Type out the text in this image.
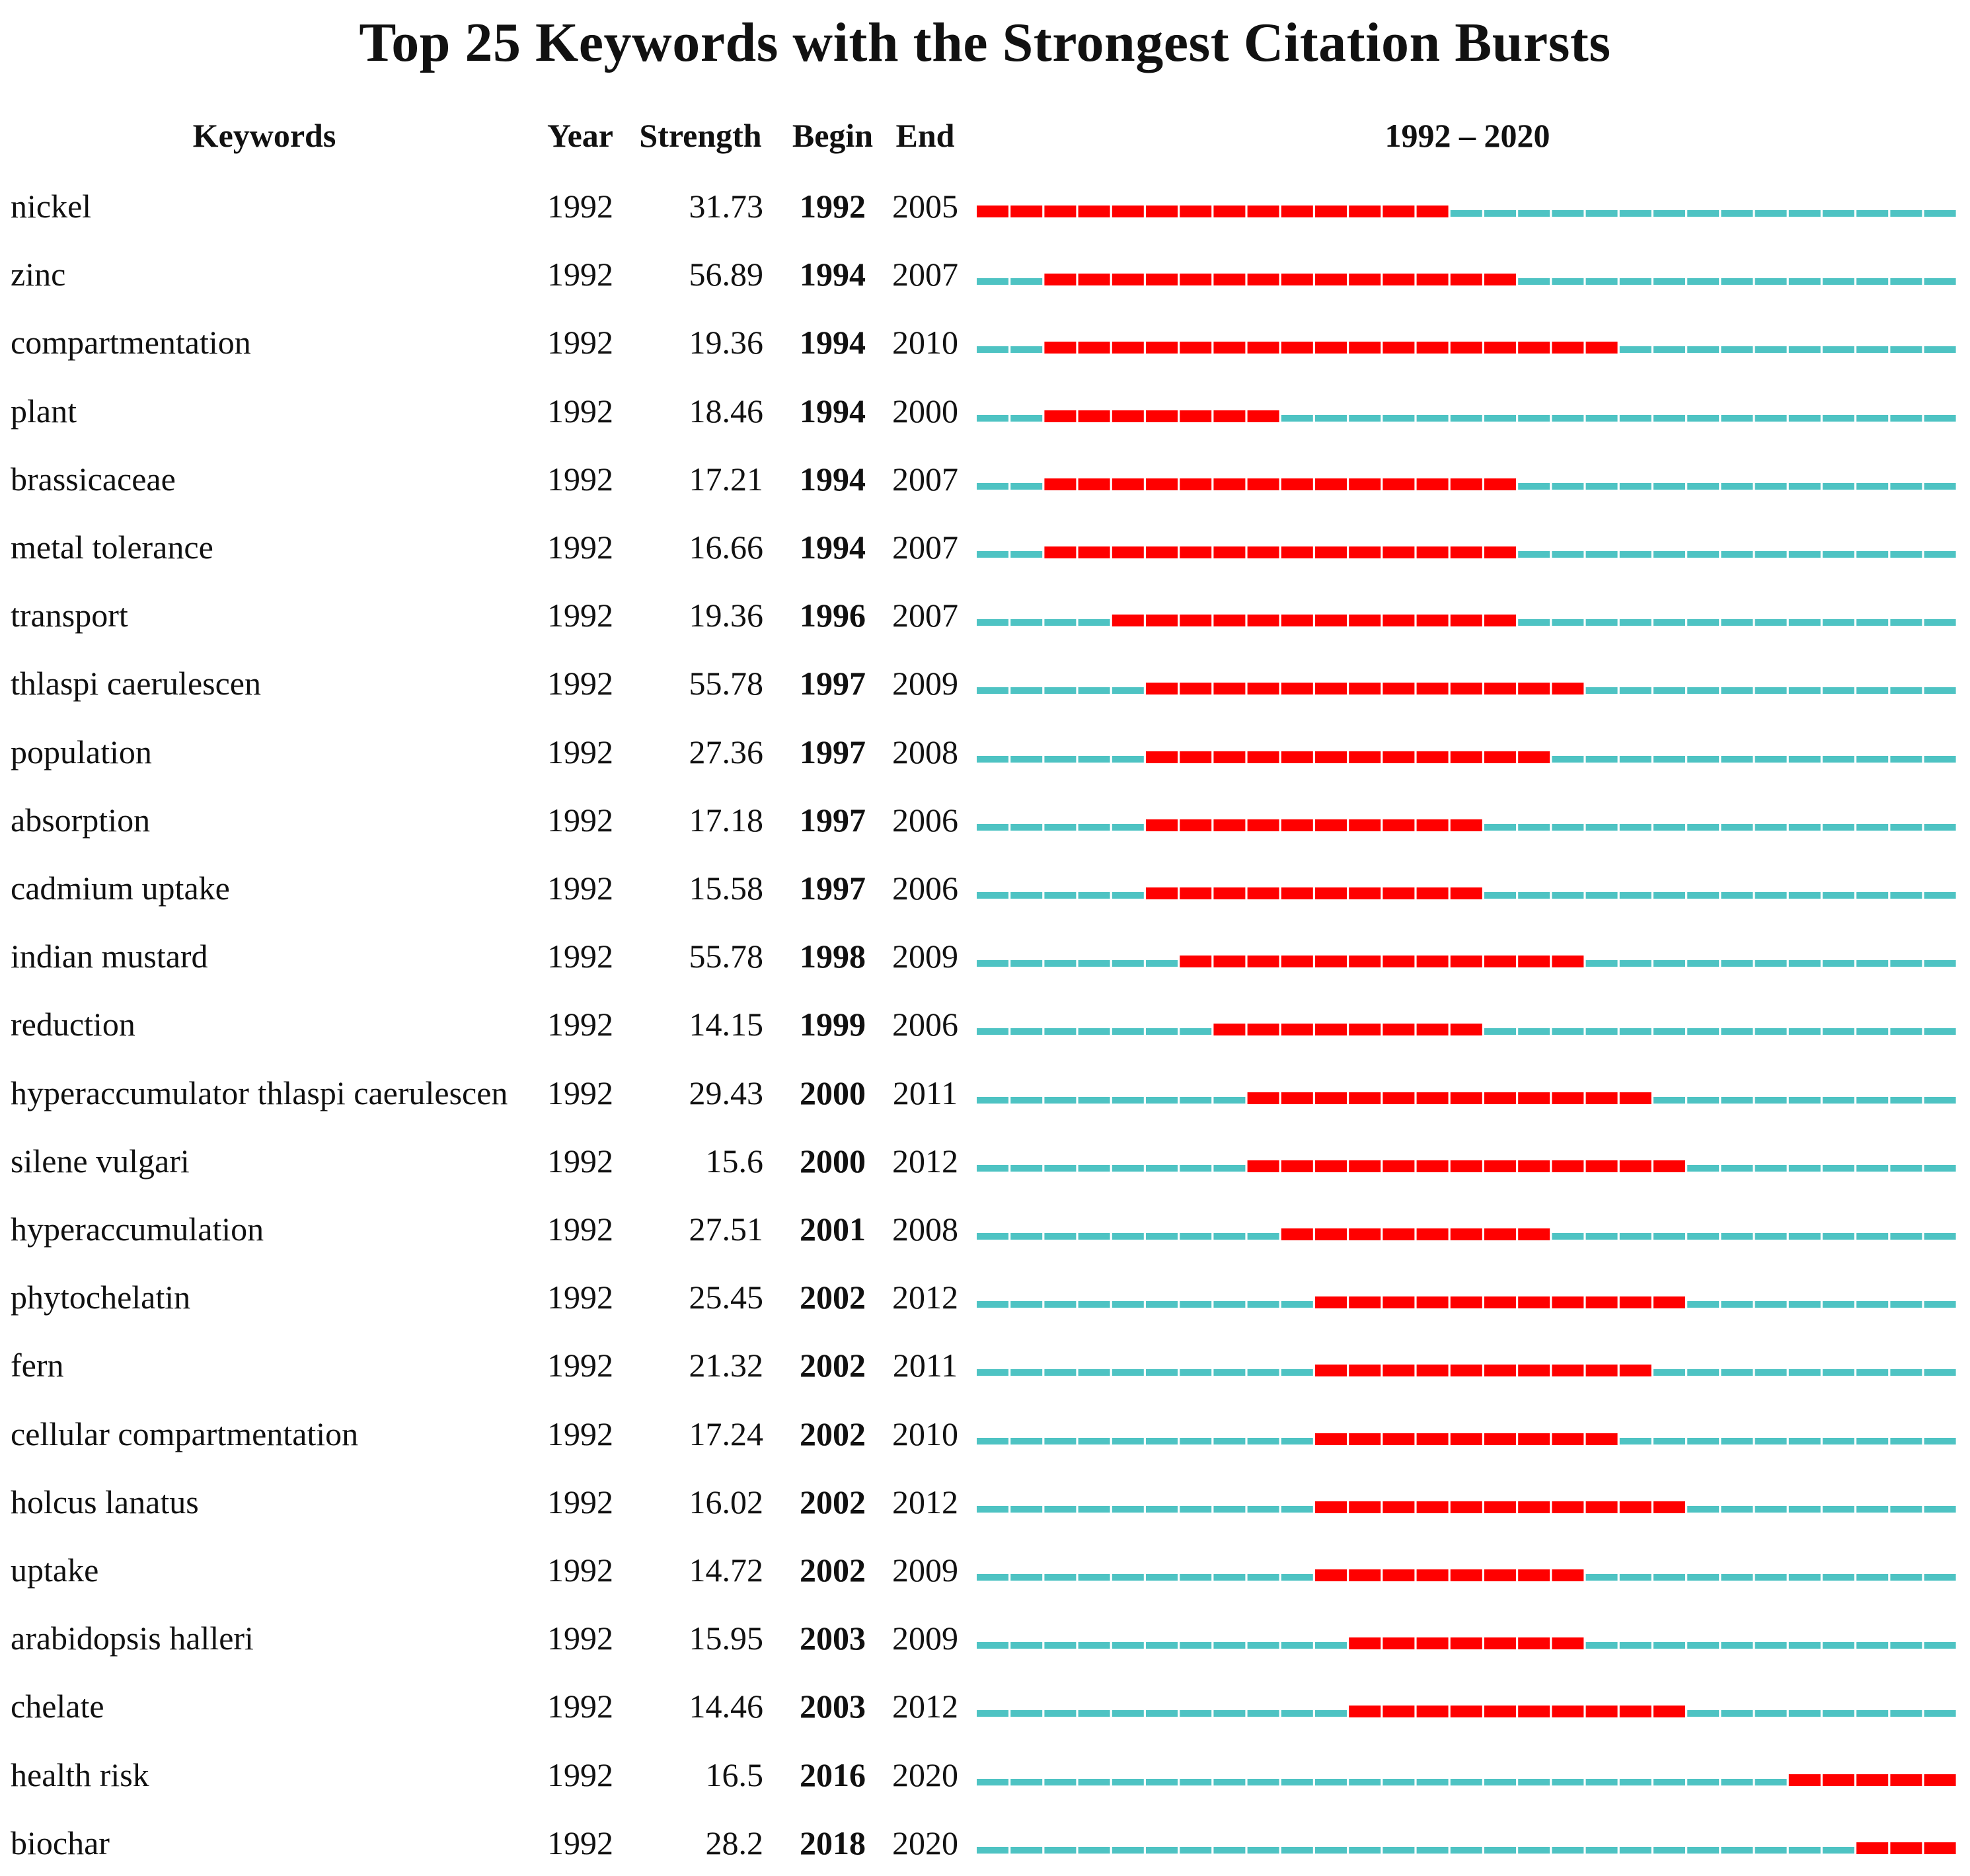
Top 25 Keywords with the Strongest Citation Bursts
Keywords	Year Strength Begin End	1992 – 2020
nickel	1992	31.73	1992 2005
zinc	1992	56.89	1994 2007
compartmentation	1992	19.36	1994 2010
plant	1992	18.46	1994 2000
brassicaceae	1992	17.21	1994 2007
metal tolerance	1992	16.66	1994 2007
transport	1992	19.36	1996 2007
thlaspi caerulescen	1992	55.78	1997 2009
population	1992	27.36	1997 2008
absorption	1992	17.18	1997 2006
cadmium uptake	1992	15.58	1997 2006
indian mustard	1992	55.78	1998 2009
reduction	1992	14.15	1999 2006
hyperaccumulator thlaspi caerulescen 1992	29.43	2000 2011
silene vulgari	1992	15.6	2000 2012
hyperaccumulation	1992	27.51	2001 2008
phytochelatin	1992	25.45	2002 2012
fern	1992	21.32	2002 2011
cellular compartmentation	1992	17.24	2002 2010
holcus lanatus	1992	16.02	2002 2012
uptake	1992	14.72	2002 2009
arabidopsis halleri	1992	15.95	2003 2009
chelate	1992	14.46	2003 2012
health risk	1992	16.5	2016 2020
biochar	1992	28.2	2018 2020
